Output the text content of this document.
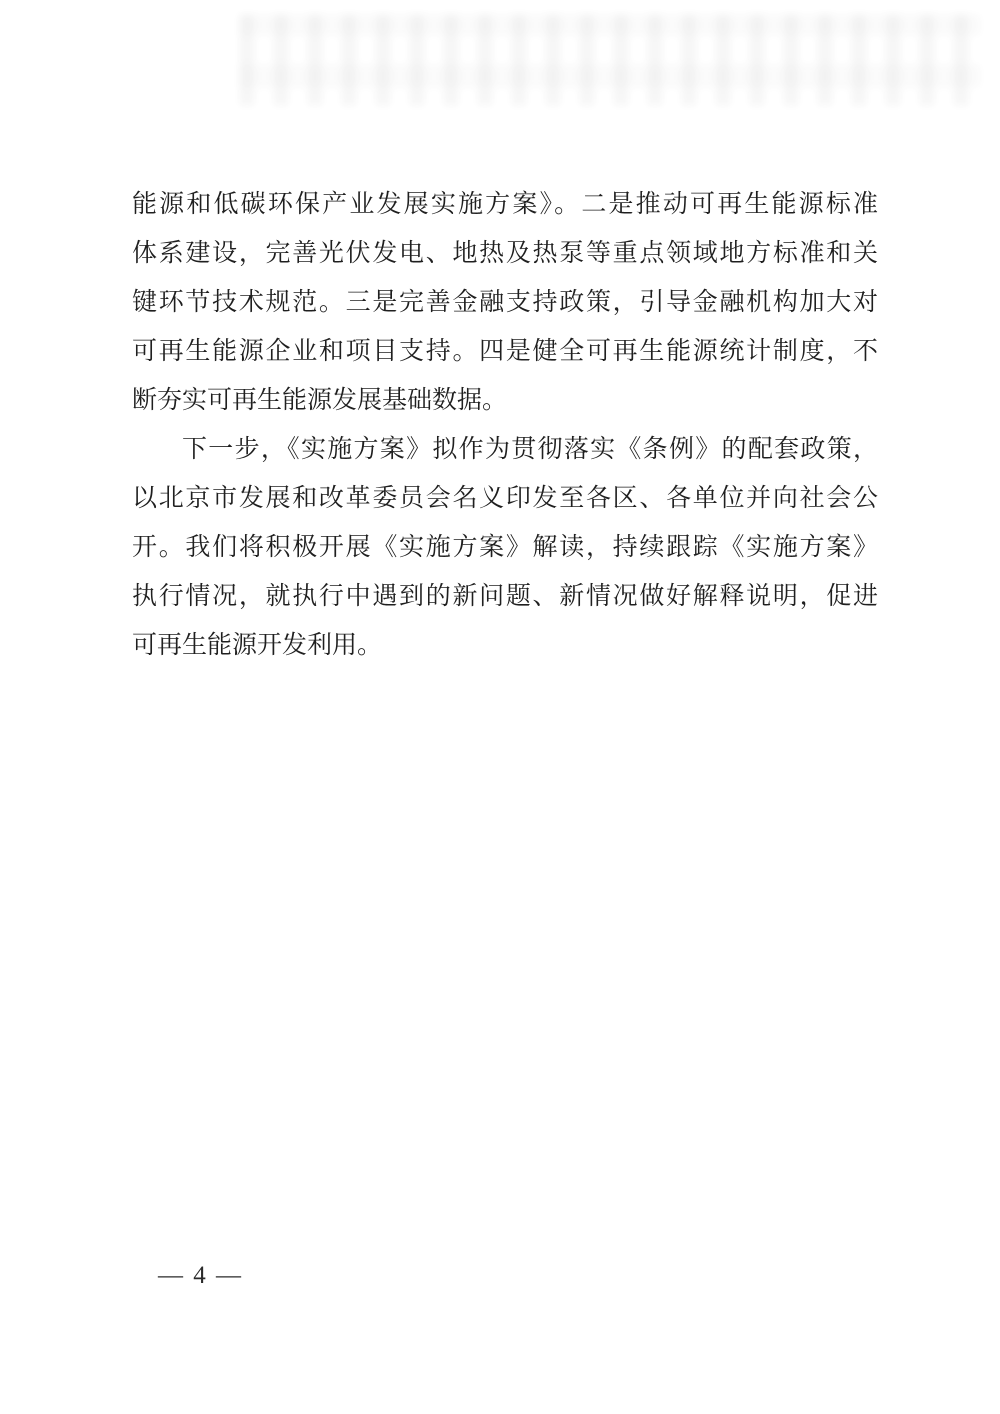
能源和低碳环保产业发展实施方案》。二是推动可再生能源标准
体系建设，完善光伏发电、地热及热泵等重点领域地方标准和关
键环节技术规范。三是完善金融支持政策，引导金融机构加大对
可再生能源企业和项目支持。四是健全可再生能源统计制度，不
断夯实可再生能源发展基础数据。
下一步，《实施方案》拟作为贯彻落实《条例》的配套政策，
以北京市发展和改革委员会名义印发至各区、各单位并向社会公
开。我们将积极开展《实施方案》解读，持续跟踪《实施方案》
执行情况，就执行中遇到的新问题、新情况做好解释说明，促进
可再生能源开发利用。
— 4 —
